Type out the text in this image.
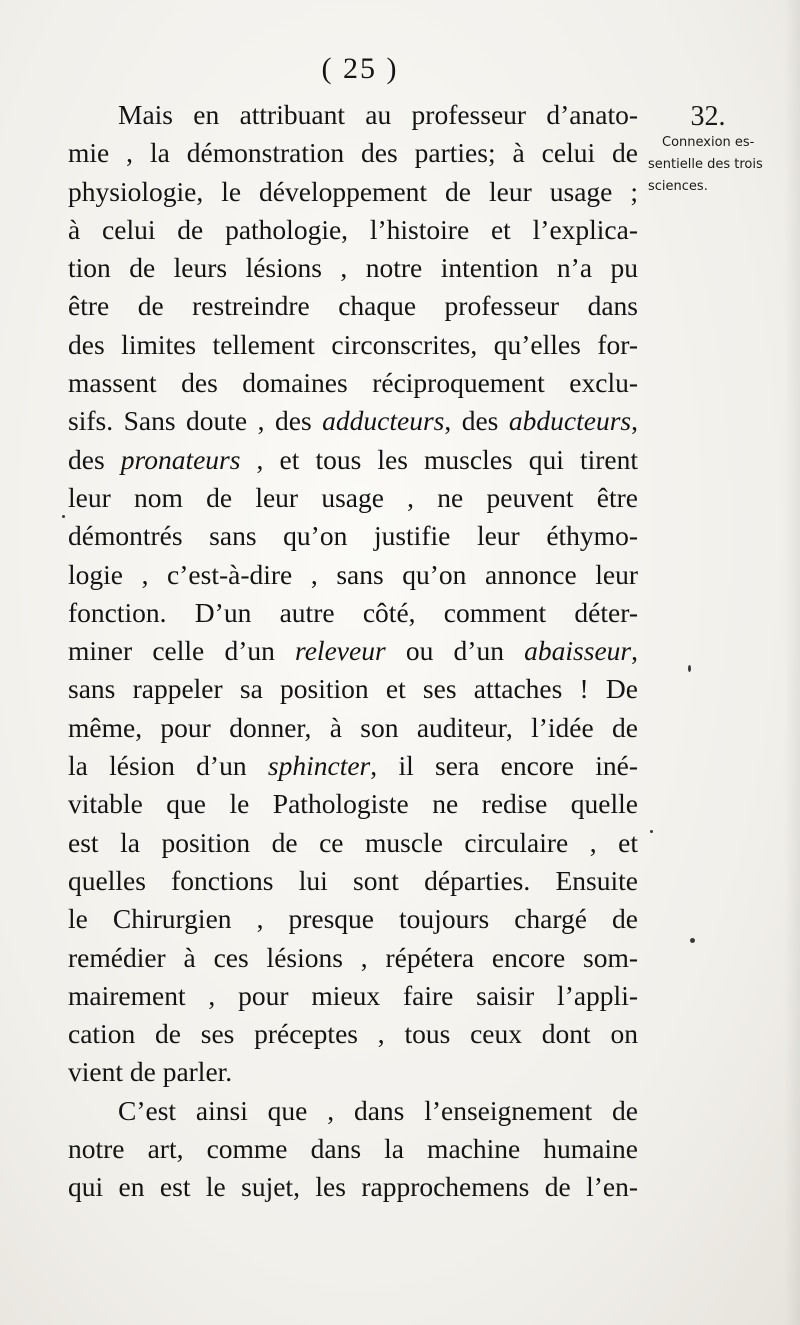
( 25 )
Mais en attribuant au professeur d’anato-
mie , la démonstration des parties; à celui de
physiologie, le développement de leur usage ;
à celui de pathologie, l’histoire et l’explica-
tion de leurs lésions , notre intention n’a pu
être de restreindre chaque professeur dans
des limites tellement circonscrites, qu’elles for-
massent des domaines réciproquement exclu-
sifs. Sans doute , des adducteurs, des abducteurs,
des pronateurs , et tous les muscles qui tirent
leur nom de leur usage , ne peuvent être
démontrés sans qu’on justifie leur éthymo-
logie , c’est-à-dire , sans qu’on annonce leur
fonction. D’un autre côté, comment déter-
miner celle d’un releveur ou d’un abaisseur,
sans rappeler sa position et ses attaches ! De
même, pour donner, à son auditeur, l’idée de
la lésion d’un sphincter, il sera encore iné-
vitable que le Pathologiste ne redise quelle
est la position de ce muscle circulaire , et
quelles fonctions lui sont départies. Ensuite
le Chirurgien , presque toujours chargé de
remédier à ces lésions , répétera encore som-
mairement , pour mieux faire saisir l’appli-
cation de ses préceptes , tous ceux dont on
vient de parler.
C’est ainsi que , dans l’enseignement de
notre art, comme dans la machine humaine
qui en est le sujet, les rapprochemens de l’en-
32.
Connexion es-
sentielle des trois
sciences.
